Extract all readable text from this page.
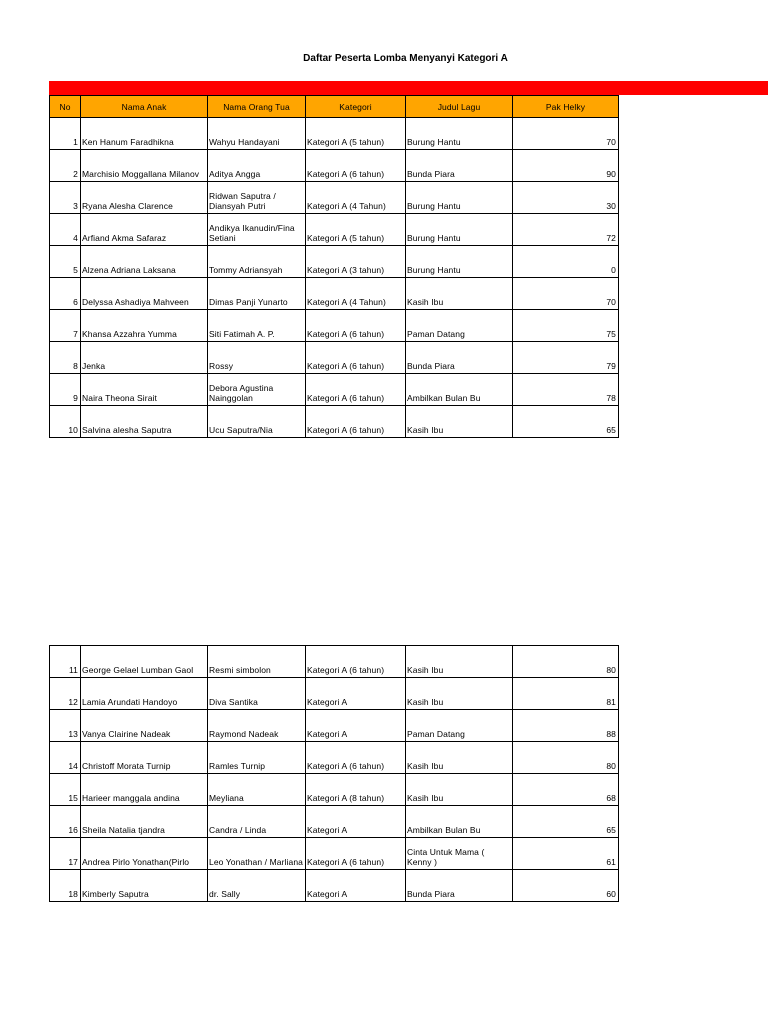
Daftar Peserta Lomba Menyanyi Kategori A
No	Nama Anak	Nama Orang Tua	Kategori	Judul Lagu	Pak Helky
1	Ken Hanum Faradhikna	Wahyu Handayani	Kategori A (5 tahun)	Burung Hantu	70
2	Marchisio Moggallana Milanov	Aditya Angga	Kategori A (6 tahun)	Bunda Piara	90
3	Ryana Alesha Clarence	Ridwan Saputra / Diansyah Putri	Kategori A (4 Tahun)	Burung Hantu	30
4	Arfiand Akma Safaraz	Andikya Ikanudin/Fina Setiani	Kategori A (5 tahun)	Burung Hantu	72
5	Alzena Adriana Laksana	Tommy Adriansyah	Kategori A (3 tahun)	Burung Hantu	0
6	Delyssa Ashadiya Mahveen	Dimas Panji Yunarto	Kategori A (4 Tahun)	Kasih Ibu	70
7	Khansa Azzahra Yumma	Siti Fatimah A. P.	Kategori A (6 tahun)	Paman Datang	75
8	Jenka	Rossy	Kategori A (6 tahun)	Bunda Piara	79
9	Naira Theona Sirait	Debora Agustina Nainggolan	Kategori A (6 tahun)	Ambilkan Bulan Bu	78
10	Salvina alesha Saputra	Ucu Saputra/Nia	Kategori A (6 tahun)	Kasih Ibu	65
11	George Gelael Lumban Gaol	Resmi simbolon	Kategori A (6 tahun)	Kasih Ibu	80
12	Lamia Arundati Handoyo	Diva Santika	Kategori A	Kasih Ibu	81
13	Vanya Clairine Nadeak	Raymond Nadeak	Kategori A	Paman Datang	88
14	Christoff Morata Turnip	Ramles Turnip	Kategori A (6 tahun)	Kasih Ibu	80
15	Harieer manggala andina	Meyliana	Kategori A (8 tahun)	Kasih Ibu	68
16	Sheila Natalia tjandra	Candra / Linda	Kategori A	Ambilkan Bulan Bu	65
17	Andrea Pirlo Yonathan(Pirlo	Leo Yonathan / Marliana	Kategori A (6 tahun)	Cinta Untuk Mama ( Kenny )	61
18	Kimberly Saputra	dr. Sally	Kategori A	Bunda Piara	60
